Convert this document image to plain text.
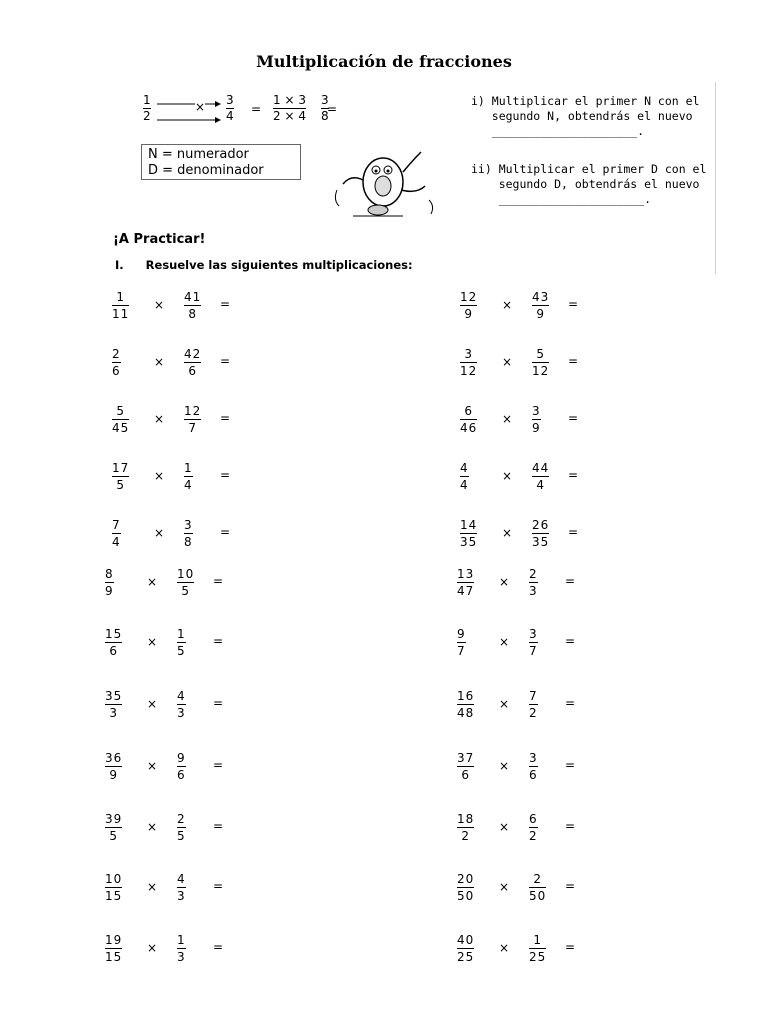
Multiplicación de fracciones
1
2
× 3
4 =
1 × 3
2 × 4 =
3
8
N = numerador
D = denominador
i) Multiplicar el primer N con el
segundo N, obtendrás el nuevo
_____________________.
ii) Multiplicar el primer D con el
segundo D, obtendrás el nuevo
_____________________.
¡A Practicar!
I. Resuelve las siguientes multiplicaciones:
1
11
×
41
8
=
2
6
×
42
6
=
5
45
×
12
7
=
17
5
×
1
4
=
7
4
×
3
8
=
8
9
×
10
5
=
15
6
×
1
5
=
35
3
×
4
3
=
36
9
×
9
6
=
39
5
×
2
5
=
10
15
×
4
3
=
19
15
×
1
3
=
12
9
×
43
9
=
3
12
×
5
12
=
6
46
×
3
9
=
4
4
×
44
4
=
14
35
×
26
35
=
13
47
×
2
3
=
9
7
×
3
7
=
16
48
×
7
2
=
37
6
×
3
6
=
18
2
×
6
2
=
20
50
×
2
50
=
40
25
×
1
25
=
